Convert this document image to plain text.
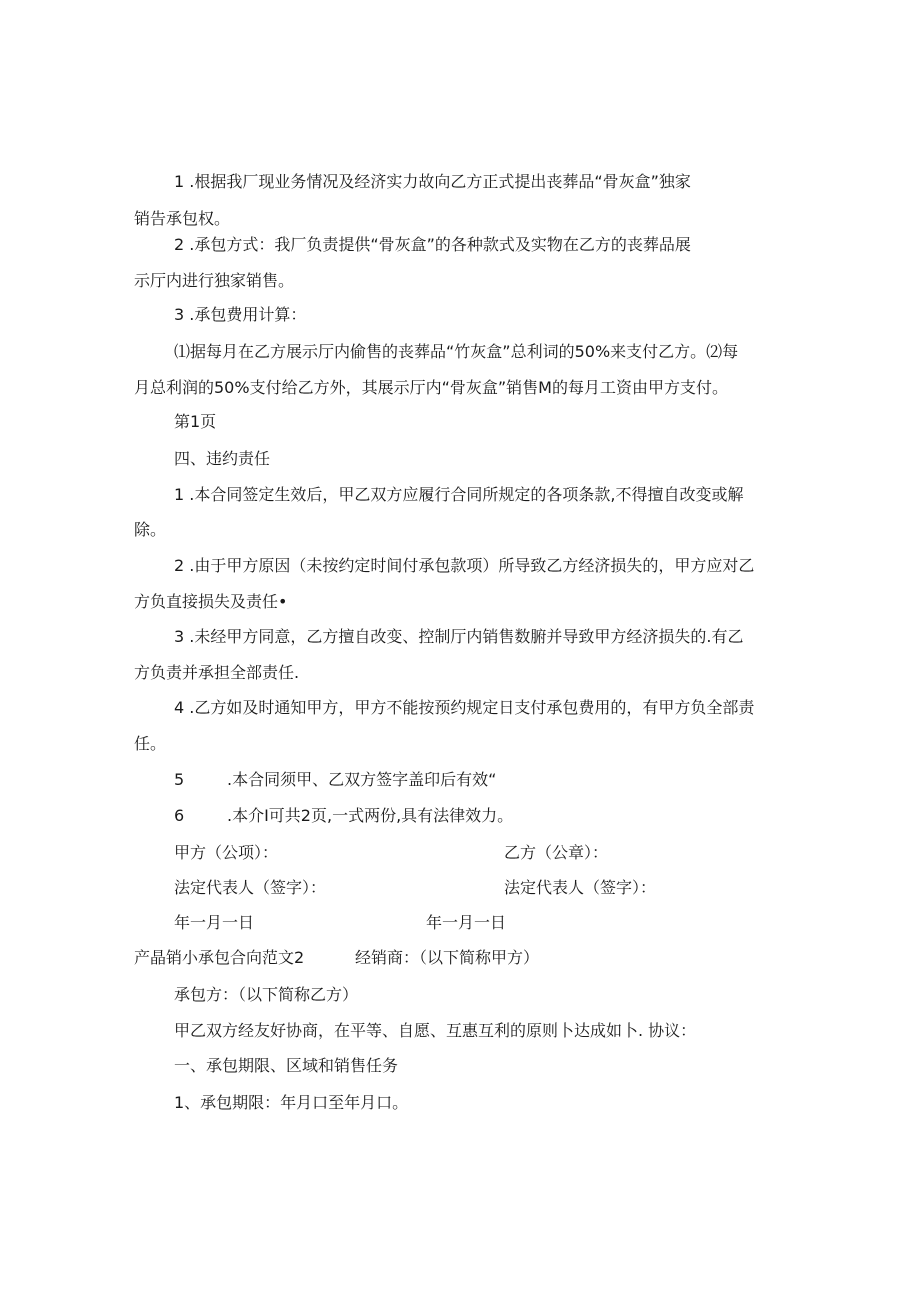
1 .根据我厂现业务情况及经济实力故向乙方正式提出丧葬品“骨灰盒”独家
销告承包权。
2 .承包方式：我厂负责提供“骨灰盒”的各种款式及实物在乙方的丧葬品展
示厅内进行独家销售。
3 .承包费用计算：
⑴据每月在乙方展示厅内偷售的丧葬品“竹灰盒”总利词的50%来支付乙方。⑵每
月总利润的50%支付给乙方外，其展示厅内“骨灰盒”销售M的每月工资由甲方支付。
第1页
四、违约责任
1 .本合同签定生效后，甲乙双方应履行合同所规定的各项条款,不得擅自改变或解
除。
2 .由于甲方原因（未按约定时间付承包款项）所导致乙方经济损失的，甲方应对乙
方负直接损失及责任•
3 .未经甲方同意，乙方擅自改变、控制厅内销售数腑并导致甲方经济损失的.有乙
方负责并承担全部责任.
4 .乙方如及时通知甲方，甲方不能按预约规定日支付承包费用的，有甲方负全部责
任。
5	.本合同须甲、乙双方签字盖印后有效“
6	.本介I可共2页,一式两份,具有法律效力。
甲方（公项）：	乙方（公章）：
法定代表人（签字）：	法定代表人（签字）：
年一月一日	年一月一日
产晶销小承包合向范文2	经销商：（以下简称甲方）
承包方：（以下简称乙方）
甲乙双方经友好协商，在平等、自愿、互惠互利的原则卜达成如卜. 协议：
一、承包期限、区域和销售任务
1、承包期限：年月口至年月口。
